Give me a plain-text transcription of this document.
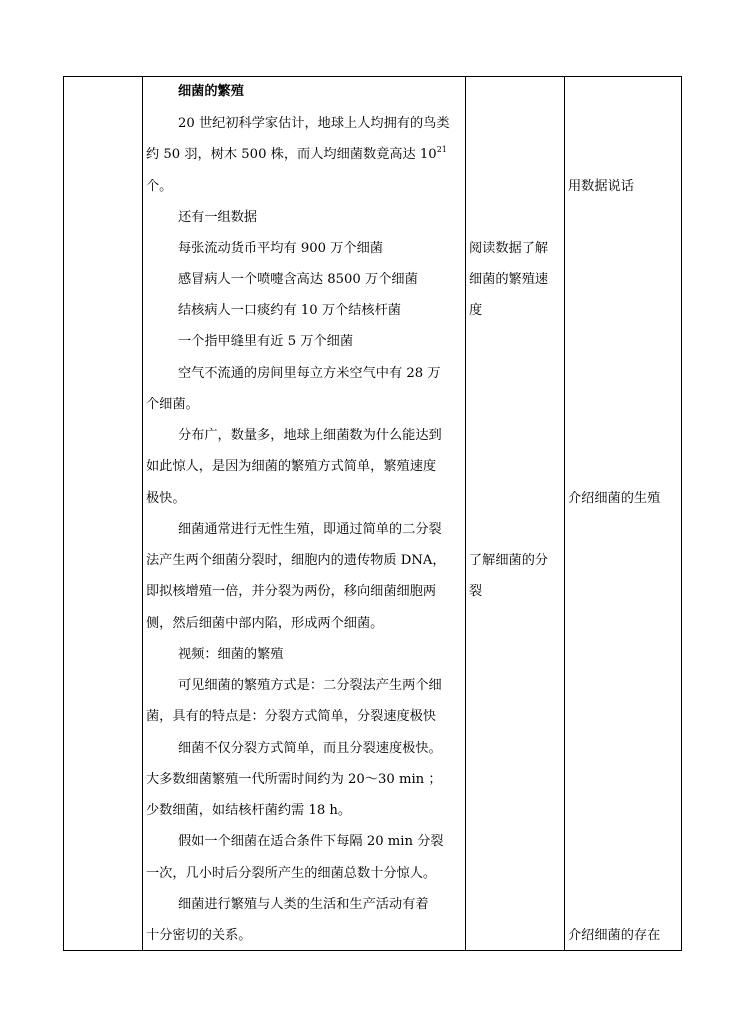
细菌的繁殖
20 世纪初科学家估计，地球上人均拥有的鸟类
约 50 羽，树木 500 株，而人均细菌数竟高达 $10^{21}$
个。
还有一组数据
每张流动货币平均有 900 万个细菌
感冒病人一个喷嚏含高达 8500 万个细菌
结核病人一口痰约有 10 万个结核杆菌
一个指甲缝里有近 5 万个细菌
空气不流通的房间里每立方米空气中有 28 万
个细菌。
分布广，数量多，地球上细菌数为什么能达到
如此惊人，是因为细菌的繁殖方式简单，繁殖速度
极快。
细菌通常进行无性生殖，即通过简单的二分裂
法产生两个细菌分裂时，细胞内的遗传物质 DNA，
即拟核增殖一倍，并分裂为两份，移向细菌细胞两
侧，然后细菌中部内陷，形成两个细菌。
视频：细菌的繁殖
可见细菌的繁殖方式是：二分裂法产生两个细
菌，具有的特点是：分裂方式简单，分裂速度极快
细菌不仅分裂方式简单，而且分裂速度极快。
大多数细菌繁殖一代所需时间约为 20～30 min ；
少数细菌，如结核杆菌约需 18 h。
假如一个细菌在适合条件下每隔 20 min 分裂
一次，几小时后分裂所产生的细菌总数十分惊人。
细菌进行繁殖与人类的生活和生产活动有着
十分密切的关系。
阅读数据了解
细菌的繁殖速
度
了解细菌的分
裂
用数据说话
介绍细菌的生殖
介绍细菌的存在
